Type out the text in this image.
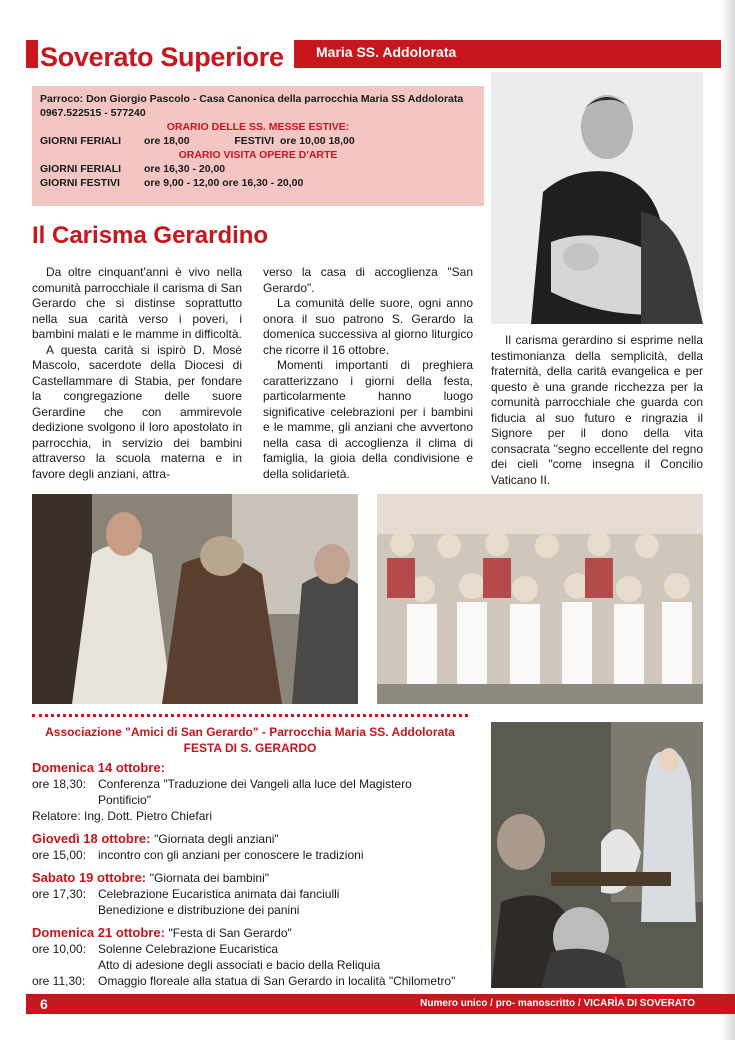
Soverato Superiore	Maria SS. Addolorata
Parroco: Don Giorgio Pascolo - Casa Canonica della parrocchia Maria SS Addolorata
0967.522515 - 577240
ORARIO DELLE SS. MESSE ESTIVE:
GIORNI FERIALI	ore 18,00	FESTIVI ore 10,00 18,00
ORARIO VISITA OPERE D'ARTE
GIORNI FERIALI	ore 16,30 - 20,00
GIORNI FESTIVI	ore 9,00 - 12,00 ore 16,30 - 20,00
Il Carisma Gerardino

Da oltre cinquant'anni è vivo nella comunità parrocchiale il carisma di San Gerardo che si distinse soprattutto nella sua carità verso i poveri, i bambini malati e le mamme in difficoltà.

A questa carità si ispirò D. Mosè Mascolo, sacerdote della Diocesi di Castellammare di Stabia, per fondare la congregazione delle suore Gerardine che con ammirevole dedizione svolgono il loro apostolato in parrocchia, in servizio dei bambini attraverso la scuola materna e in favore degli anziani, attra-

verso la casa di accoglienza "San Gerardo".

La comunità delle suore, ogni anno onora il suo patrono S. Gerardo la domenica successiva al giorno liturgico che ricorre il 16 ottobre.

Momenti importanti di preghiera caratterizzano i giorni della festa, particolarmente hanno luogo significative celebrazioni per i bambini e le mamme, gli anziani che avvertono nella casa di accoglienza il clima di famiglia, la gioia della condivisione e della solidarietà.

Il carisma gerardino si esprime nella testimonianza della semplicità, della fraternità, della carità evangelica e per questo è una grande ricchezza per la comunità parrocchiale che guarda con fiducia al suo futuro e ringrazia il Signore per il dono della vita consacrata "segno eccellente del regno dei cieli "come insegna il Concilio Vaticano II.

Associazione "Amici di San Gerardo" - Parrocchia Maria SS. Addolorata
FESTA DI S. GERARDO
Domenica 14 ottobre:
ore 18,30: Conferenza "Traduzione dei Vangeli alla luce del Magistero Pontificio"
Relatore: Ing. Dott. Pietro Chiefari
Giovedì 18 ottobre: "Giornata degli anziani"
ore 15,00: incontro con gli anziani per conoscere le tradizioni
Sabato 19 ottobre: "Giornata dei bambini"
ore 17,30: Celebrazione Eucaristica animata dai fanciulli
Benedizione e distribuzione dei panini
Domenica 21 ottobre: "Festa di San Gerardo"
ore 10,00: Solenne Celebrazione Eucaristica
Atto di adesione degli associati e bacio della Reliquia
ore 11,30:	Omaggio floreale alla statua di San Gerardo in località "Chilometro"
6	Numero unico / pro- manoscritto / VICARÌA DI SOVERATO
